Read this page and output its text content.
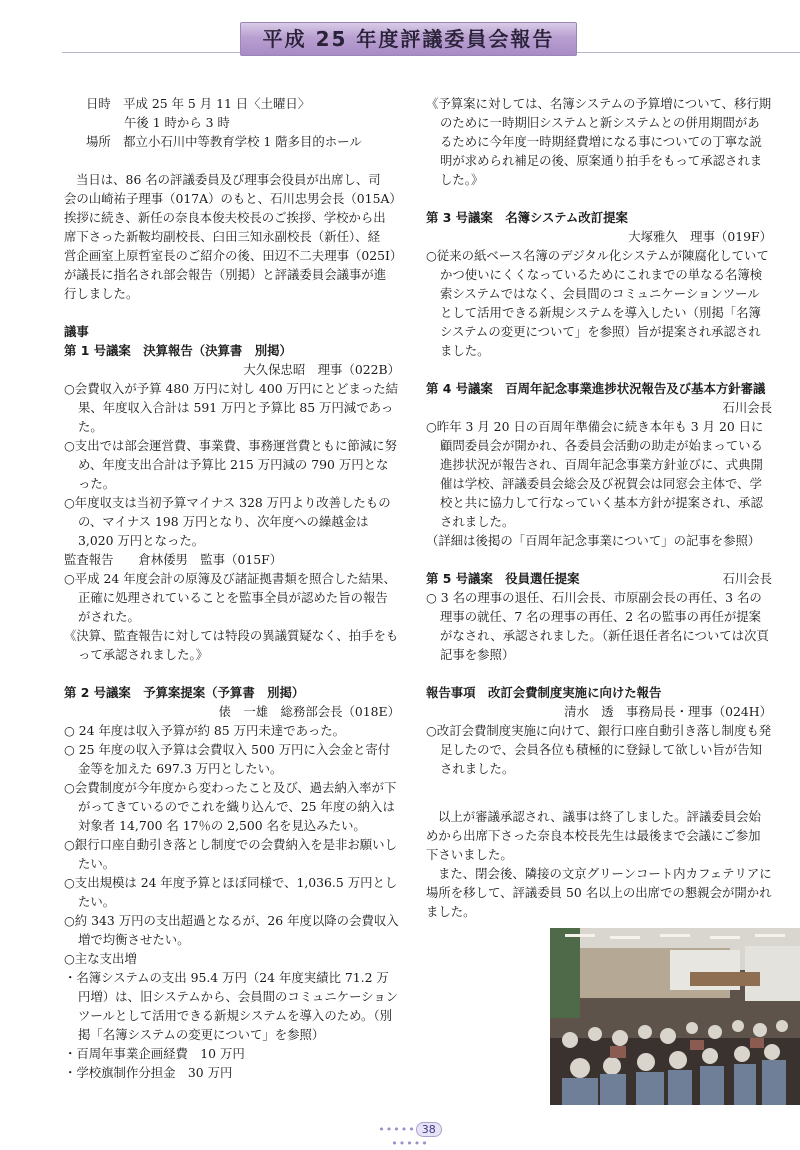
平成 25 年度評議委員会報告

日時　 平成 25 年 5 月 11 日〈土曜日〉

午後 1 時から 3 時

場所　 都立小石川中等教育学校 1 階多目的ホール

当日は、86 名の評議委員及び理事会役員が出席し、司

会の山崎祐子理事（017A）のもと、石川忠男会長（015A）

挨拶に続き、新任の奈良本俊夫校長のご挨拶、学校から出

席下さった新鞍均副校長、臼田三知永副校長（新任）、経

営企画室上原哲室長のご紹介の後、田辺不二夫理事（025I）

が議長に指名され部会報告（別掲）と評議委員会議事が進

行しました。

議事

第 1 号議案　決算報告（決算書　別掲）

大久保忠昭　理事（022B）

○会費収入が予算 480 万円に対し 400 万円にとどまった結果、年度収入合計は 591 万円と予算比 85 万円減であった。

○支出では部会運営費、事業費、事務運営費ともに節減に努め、年度支出合計は予算比 215 万円減の 790 万円となった。

○年度収支は当初予算マイナス 328 万円より改善したものの、マイナス 198 万円となり、次年度への繰越金は 3,020 万円となった。

監査報告　　倉林倭男　監事（015F）

○平成 24 年度会計の原簿及び諸証拠書類を照合した結果、正確に処理されていることを監事全員が認めた旨の報告がされた。

《決算、監査報告に対しては特段の異議質疑なく、拍手をもって承認されました。》

第 2 号議案　予算案提案（予算書　別掲）

俵　一雄　総務部会長（018E）

○ 24 年度は収入予算が約 85 万円未達であった。

○ 25 年度の収入予算は会費収入 500 万円に入会金と寄付金等を加えた 697.3 万円としたい。

○会費制度が今年度から変わったこと及び、過去納入率が下がってきているのでこれを織り込んで、25 年度の納入は対象者 14,700 名 17％の 2,500 名を見込みたい。

○銀行口座自動引き落とし制度での会費納入を是非お願いしたい。

○支出規模は 24 年度予算とほぼ同様で、1,036.5 万円としたい。

○約 343 万円の支出超過となるが、26 年度以降の会費収入増で均衡させたい。

○主な支出増

・名簿システムの支出 95.4 万円（24 年度実績比 71.2 万円増）は、旧システムから、会員間のコミュニケーションツールとして活用できる新規システムを導入のため。（別掲「名簿システムの変更について」を参照）

・百周年事業企画経費　10 万円

・学校旗制作分担金　30 万円

《予算案に対しては、名簿システムの予算増について、移行期のために一時期旧システムと新システムとの併用期間があるために今年度一時期経費増になる事についての丁寧な説明が求められ補足の後、原案通り拍手をもって承認されました。》

第 3 号議案　名簿システム改訂提案

大塚雅久　理事（019F）

○従来の紙ベース名簿のデジタル化システムが陳腐化していてかつ使いにくくなっているためにこれまでの単なる名簿検索システムではなく、会員間のコミュニケーションツールとして活用できる新規システムを導入したい（別掲「名簿システムの変更について」を参照）旨が提案され承認されました。

第 4 号議案　百周年記念事業進捗状況報告及び基本方針審議

石川会長

○昨年 3 月 20 日の百周年準備会に続き本年も 3 月 20 日に顧問委員会が開かれ、各委員会活動の助走が始まっている進捗状況が報告され、百周年記念事業方針並びに、式典開催は学校、評議委員会総会及び祝賀会は同窓会主体で、学校と共に協力して行なっていく基本方針が提案され、承認されました。

（詳細は後掲の「百周年記念事業について」の記事を参照）

第 5 号議案　役員選任提案	石川会長

○ 3 名の理事の退任、石川会長、市原副会長の再任、3 名の理事の就任、7 名の理事の再任、2 名の監事の再任が提案がなされ、承認されました。（新任退任者名については次頁記事を参照）

報告事項　改訂会費制度実施に向けた報告

清水　透　事務局長・理事（024H）

○改訂会費制度実施に向けて、銀行口座自動引き落し制度も発足したので、会員各位も積極的に登録して欲しい旨が告知されました。

以上が審議承認され、議事は終了しました。評議委員会始めから出席下さった奈良本校長先生は最後まで会議にご参加下さいました。

また、閉会後、隣接の文京グリーンコート内カフェテリアに場所を移して、評議委員 50 名以上の出席での懇親会が開かれました。

••••• 38•••••
